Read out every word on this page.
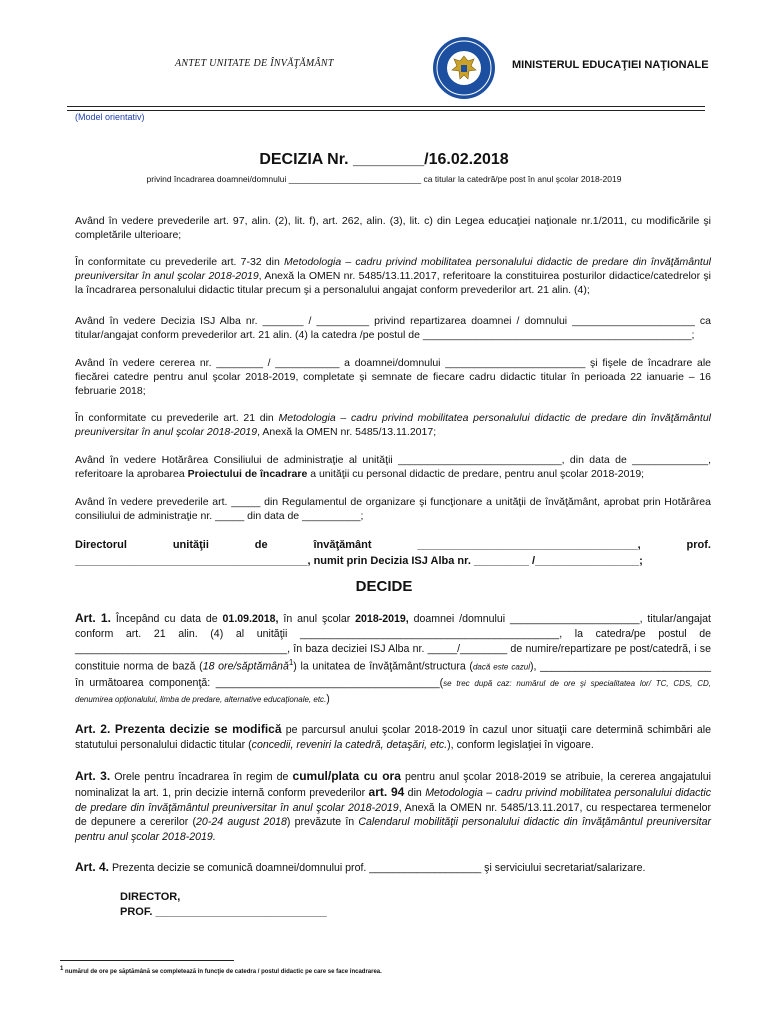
ANTET UNITATE DE ÎNVĂŢĂMÂNT	MINISTERUL EDUCAŢIEI NAŢIONALE
(Model orientativ)
DECIZIA Nr. ________/16.02.2018
privind încadrarea doamnei/domnului ____________________________ ca titular la catedră/pe post în anul şcolar 2018-2019

Având în vedere prevederile art. 97, alin. (2), lit. f), art. 262, alin. (3), lit. c) din Legea educaţiei naţionale nr.1/2011, cu modificările şi completările ulterioare;

În conformitate cu prevederile art. 7-32 din Metodologia – cadru privind mobilitatea personalului didactic de predare din învăţământul preuniversitar în anul şcolar 2018-2019, Anexă la OMEN nr. 5485/13.11.2017, referitoare la constituirea posturilor didactice/catedrelor şi la încadrarea personalului didactic titular precum şi a personalului angajat conform prevederilor art. 21 alin. (4);

Având în vedere Decizia ISJ Alba nr. _______ / _________ privind repartizarea doamnei / domnului _____________________ ca titular/angajat conform prevederilor art. 21 alin. (4) la catedra /pe postul de ______________________________________________;

Având în vedere cererea nr. ________ / ___________ a doamnei/domnului ________________________ şi fişele de încadrare ale fiecărei catedre pentru anul şcolar 2018-2019, completate şi semnate de fiecare cadru didactic titular în perioada 22 ianuarie – 16 februarie 2018;

În conformitate cu prevederile art. 21 din Metodologia – cadru privind mobilitatea personalului didactic de predare din învăţământul preuniversitar în anul şcolar 2018-2019, Anexă la OMEN nr. 5485/13.11.2017;

Având în vedere Hotărârea Consiliului de administraţie al unităţii ____________________________, din data de _____________, referitoare la aprobarea Proiectului de încadrare a unităţii cu personal didactic de predare, pentru anul şcolar 2018-2019;

Având în vedere prevederile art. _____ din Regulamentul de organizare şi funcţionare a unităţii de învăţământ, aprobat prin Hotărârea consiliului de administraţie nr. _____ din data de __________;

Directorul unităţii de învăţământ ____________________________________, prof. ______________________________________, numit prin Decizia ISJ Alba nr. _________ /_________________;

DECIDE

Art. 1. Începând cu data de 01.09.2018, în anul şcolar 2018-2019, doamnei /domnului ______________________, titular/angajat conform art. 21 alin. (4) al unităţii ____________________________________________, la catedra/pe postul de ____________________________________, în baza deciziei ISJ Alba nr. _____/________ de numire/repartizare pe post/catedră, i se constituie norma de bază (18 ore/săptămână$^1$) la unitatea de învăţământ/structura (dacă este cazul), _____________________________ în următoarea componenţă: ______________________________________(se trec după caz: numărul de ore şi specialitatea lor/ TC, CDS, CD, denumirea opţionalului, limba de predare, alternative educaţionale, etc.)

Art. 2. Prezenta decizie se modifică pe parcursul anului şcolar 2018-2019 în cazul unor situaţii care determină schimbări ale statutului personalului didactic titular (concedii, reveniri la catedră, detaşări, etc.), conform legislaţiei în vigoare.

Art. 3. Orele pentru încadrarea în regim de cumul/plata cu ora pentru anul şcolar 2018-2019 se atribuie, la cererea angajatului nominalizat la art. 1, prin decizie internă conform prevederilor art. 94 din Metodologia – cadru privind mobilitatea personalului didactic de predare din învăţământul preuniversitar în anul şcolar 2018-2019, Anexă la OMEN nr. 5485/13.11.2017, cu respectarea termenelor de depunere a cererilor (20-24 august 2018) prevăzute în Calendarul mobilităţii personalului didactic din învăţământul preuniversitar pentru anul şcolar 2018-2019.

Art. 4. Prezenta decizie se comunică doamnei/domnului prof. ___________________ şi serviciului secretariat/salarizare.

DIRECTOR,
PROF. ____________________________
$^1$ numărul de ore pe săptămână se completează în funcţie de catedra / postul didactic pe care se face încadrarea.
